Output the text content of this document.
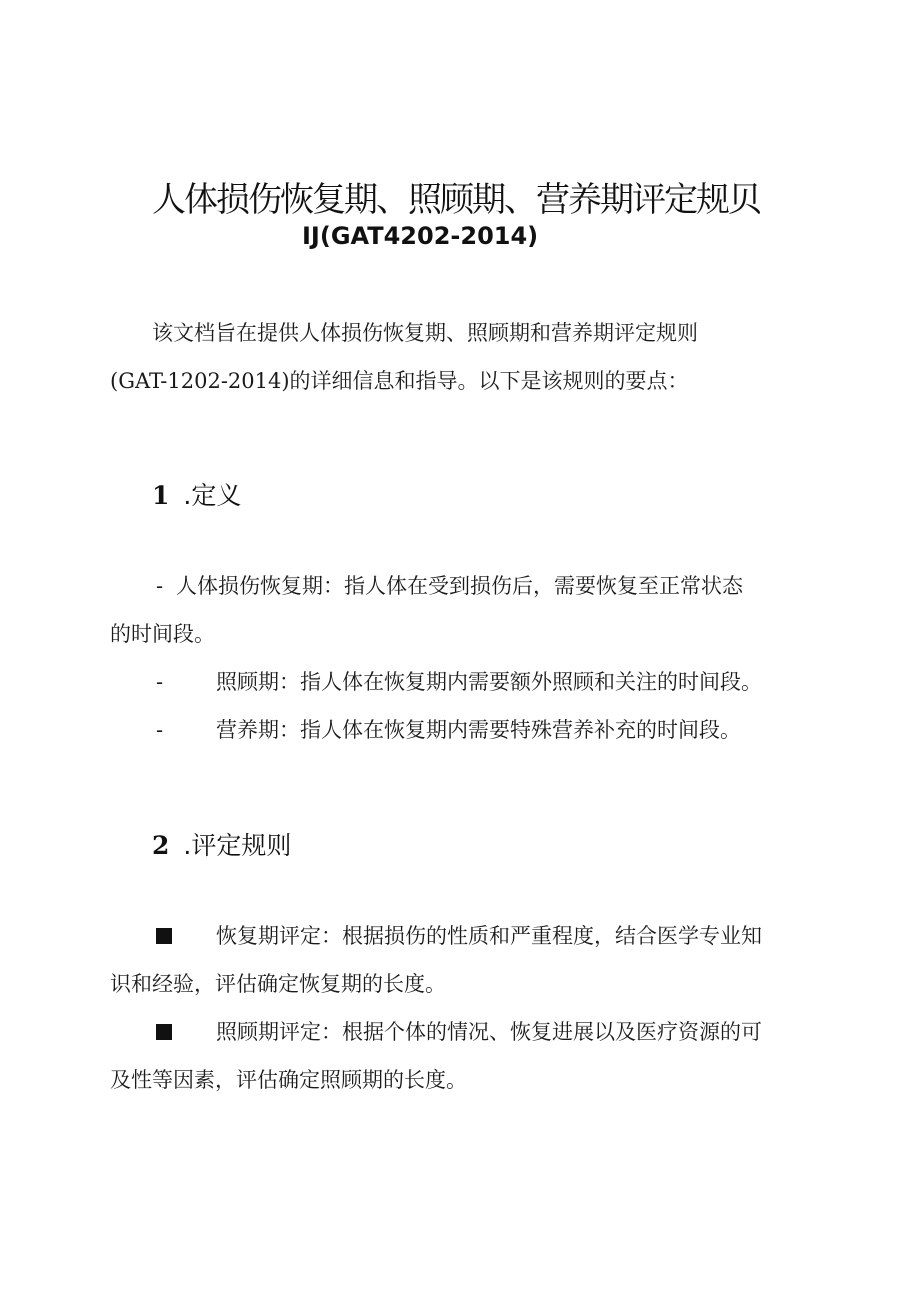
人体损伤恢复期、照顾期、营养期评定规贝
IJ(GAT4202-2014)
该文档旨在提供人体损伤恢复期、照顾期和营养期评定规则
(GAT-1202-2014)的详细信息和指导。以下是该规则的要点：
1 .定义
- 人体损伤恢复期：指人体在受到损伤后，需要恢复至正常状态
的时间段。
-	照顾期：指人体在恢复期内需要额外照顾和关注的时间段。
-	营养期：指人体在恢复期内需要特殊营养补充的时间段。
2 .评定规则
恢复期评定：根据损伤的性质和严重程度，结合医学专业知
识和经验，评估确定恢复期的长度。
照顾期评定：根据个体的情况、恢复进展以及医疗资源的可
及性等因素，评估确定照顾期的长度。
